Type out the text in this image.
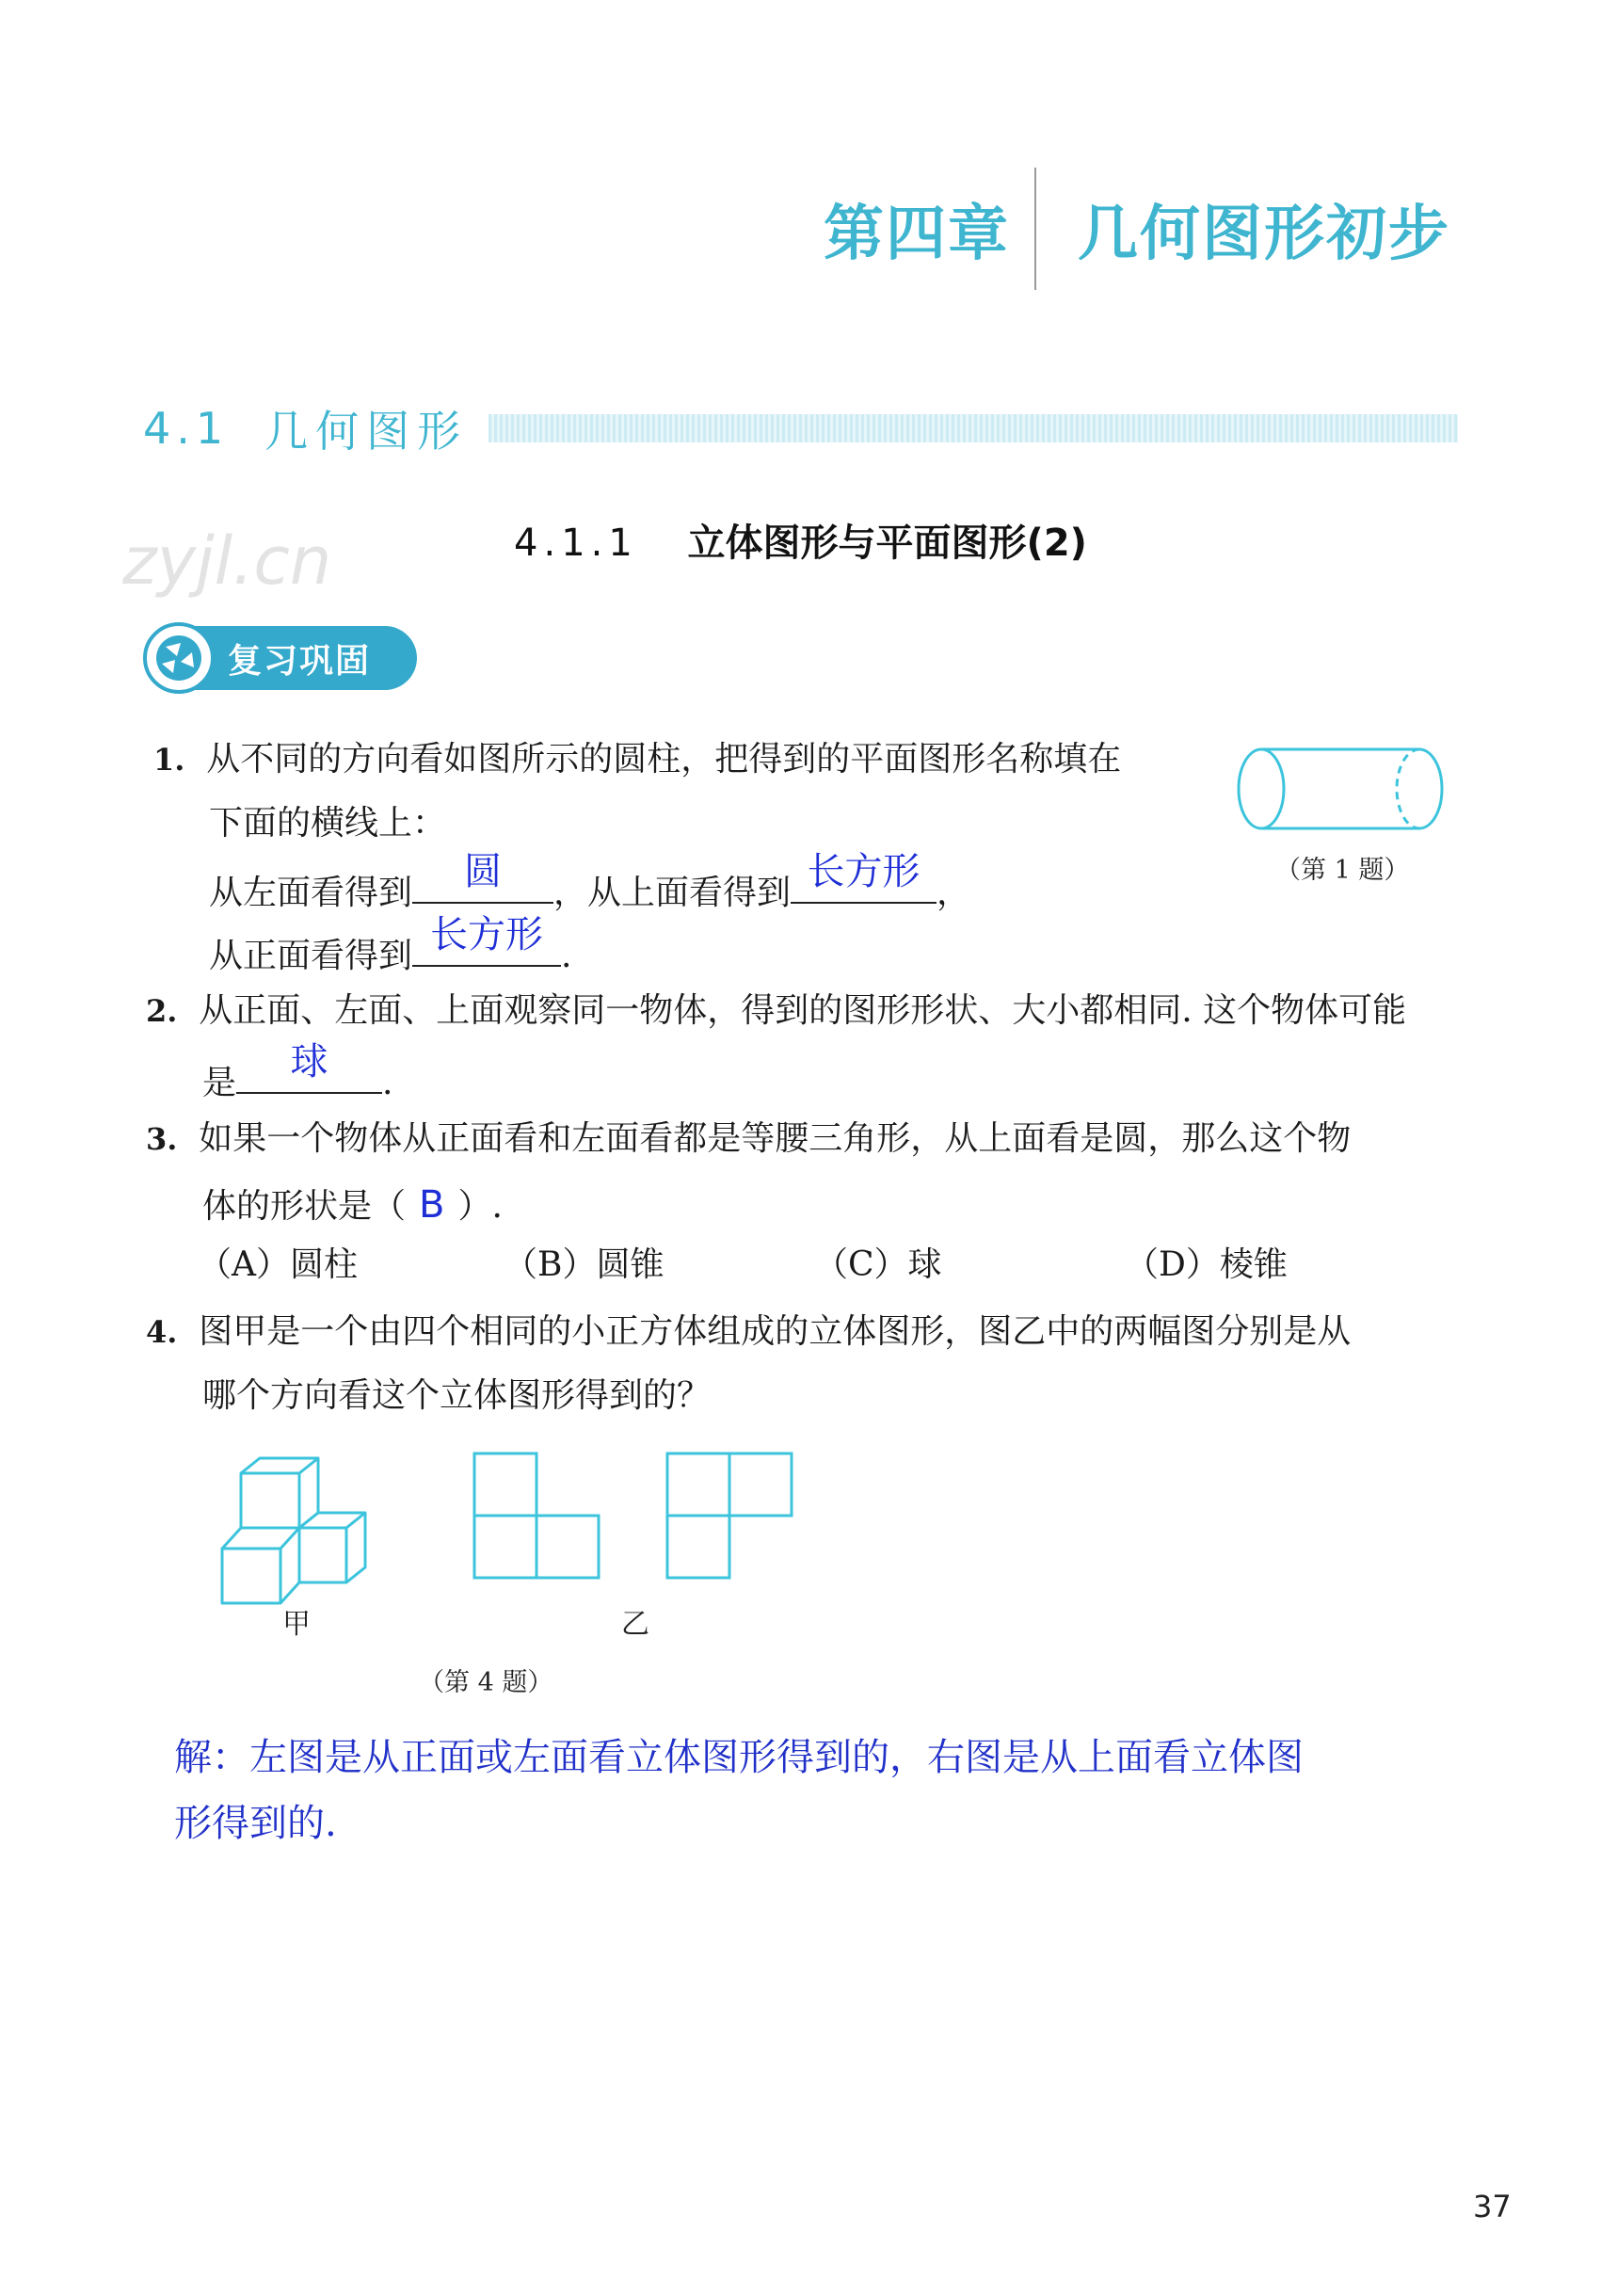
第四章 几何图形初步
4.1 几何图形
zyjl.cn	4.1.1 立体图形与平面图形(2)
复习巩固
1. 从不同的方向看如图所示的圆柱，把得到的平面图形名称填在
下面的横线上：
从左面看得到	圆	，从上面看得到 长方形 ，
从正面看得到 长方形 .
（第 1 题）
2. 从正面、左面、上面观察同一物体，得到的图形形状、大小都相同. 这个物体可能
是	球	.
3. 如果一个物体从正面看和左面看都是等腰三角形，从上面看是圆，那么这个物
体的形状是（ B ）.
（A）圆柱	（B）圆锥	（C）球	（D）棱锥
4. 图甲是一个由四个相同的小正方体组成的立体图形，图乙中的两幅图分别是从
哪个方向看这个立体图形得到的？
甲	乙
（第 4 题）
解：左图是从正面或左面看立体图形得到的，右图是从上面看立体图
形得到的.
37
